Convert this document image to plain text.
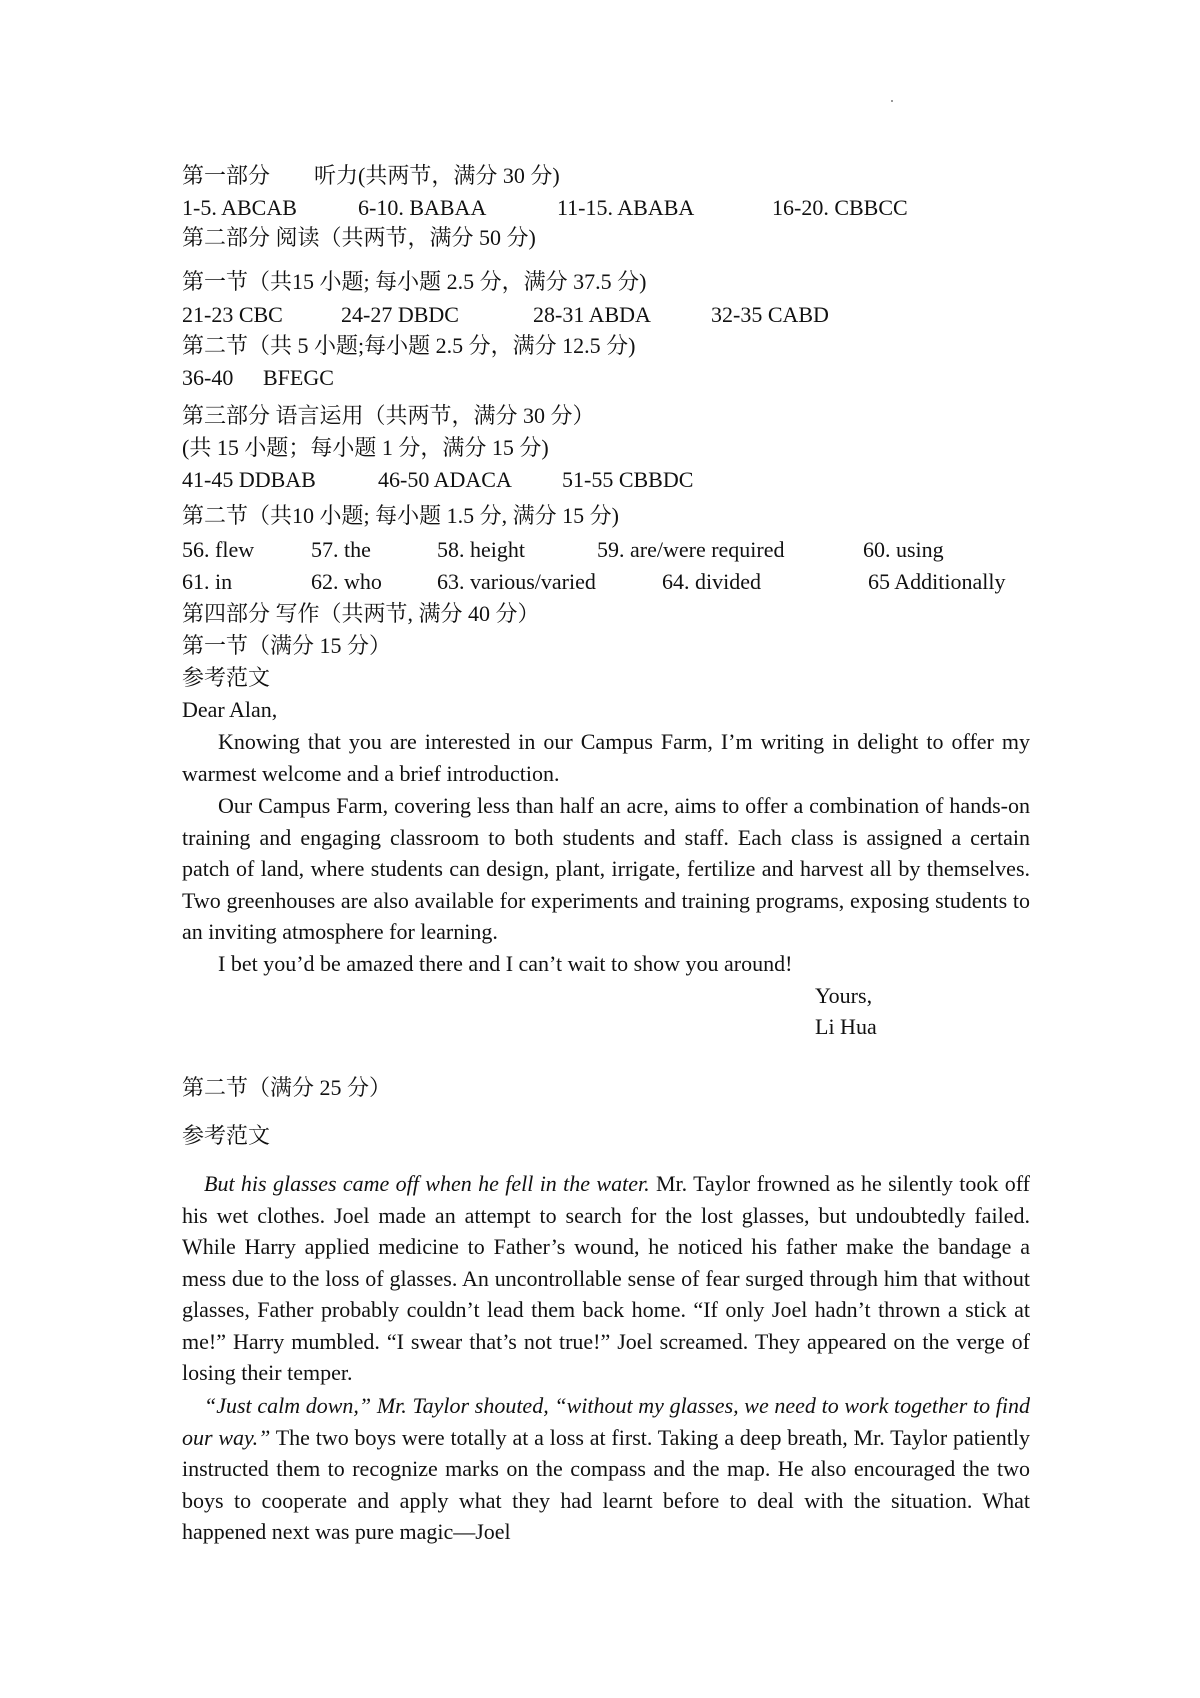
第一部分　　听力(共两节，满分 30 分)
1-5. ABCAB	6-10. BABAA	11-15. ABABA	16-20. CBBCC
第二部分 阅读（共两节，满分 50 分)
第一节（共15 小题; 每小题 2.5 分，满分 37.5 分)
21-23 CBC	24-27 DBDC	28-31 ABDA	32-35 CABD
第二节（共 5 小题;每小题 2.5 分，满分 12.5 分)
36-40 BFEGC
第三部分 语言运用（共两节，满分 30 分）
(共 15 小题；每小题 1 分，满分 15 分)
41-45 DDBAB	46-50 ADACA 51-55 CBBDC
第二节（共10 小题; 每小题 1.5 分, 满分 15 分)
56. flew	57. the	58. height	59. are/were required	60. using
61. in	62. who	63. various/varied	64. divided	65 Additionally
第四部分 写作（共两节, 满分 40 分）
第一节（满分 15 分）
参考范文
Dear Alan,

Knowing that you are interested in our Campus Farm, I’m writing in delight to offer my warmest welcome and a brief introduction.

Our Campus Farm, covering less than half an acre, aims to offer a combination of hands-on training and engaging classroom to both students and staff. Each class is assigned a certain patch of land, where students can design, plant, irrigate, fertilize and harvest all by themselves. Two greenhouses are also available for experiments and training programs, exposing students to an inviting atmosphere for learning.

I bet you’d be amazed there and I can’t wait to show you around!

Yours,
Li Hua
第二节（满分 25 分）
参考范文

But his glasses came off when he fell in the water. Mr. Taylor frowned as he silently took off his wet clothes. Joel made an attempt to search for the lost glasses, but undoubtedly failed. While Harry applied medicine to Father’s wound, he noticed his father make the bandage a mess due to the loss of glasses. An uncontrollable sense of fear surged through him that without glasses, Father probably couldn’t lead them back home. “If only Joel hadn’t thrown a stick at me!” Harry mumbled. “I swear that’s not true!” Joel screamed. They appeared on the verge of losing their temper.

“Just calm down,” Mr. Taylor shouted, “without my glasses, we need to work together to find our way.” The two boys were totally at a loss at first. Taking a deep breath, Mr. Taylor patiently instructed them to recognize marks on the compass and the map. He also encouraged the two boys to cooperate and apply what they had learnt before to deal with the situation. What happened next was pure magic—Joel
